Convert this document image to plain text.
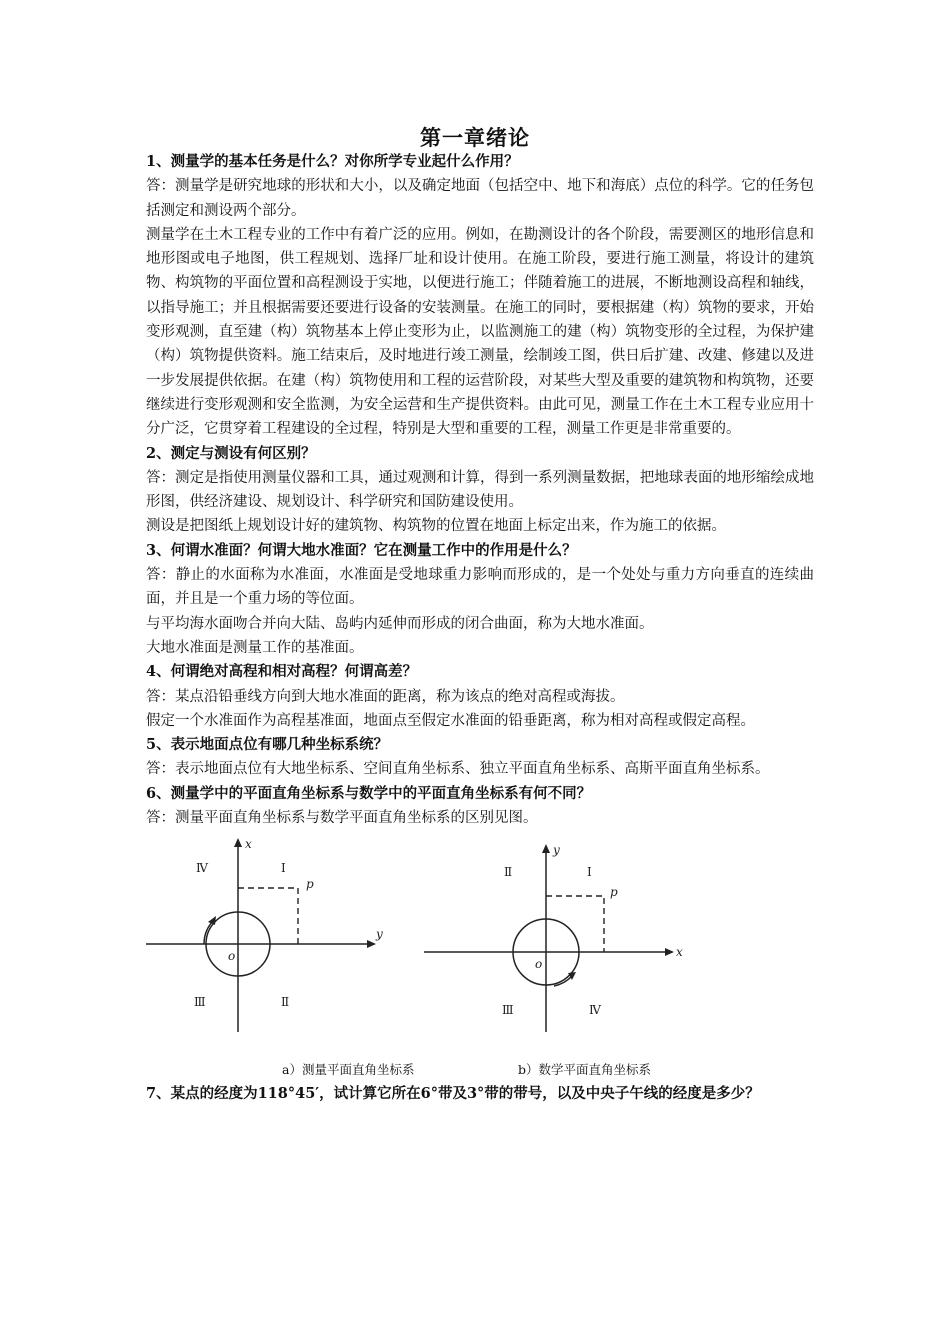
第一章绪论

1、测量学的基本任务是什么？对你所学专业起什么作用？

答：测量学是研究地球的形状和大小，以及确定地面（包括空中、地下和海底）点位的科学。它的任务包括测定和测设两个部分。

测量学在土木工程专业的工作中有着广泛的应用。例如，在勘测设计的各个阶段，需要测区的地形信息和地形图或电子地图，供工程规划、选择厂址和设计使用。在施工阶段，要进行施工测量，将设计的建筑物、构筑物的平面位置和高程测设于实地，以便进行施工；伴随着施工的进展，不断地测设高程和轴线，以指导施工；并且根据需要还要进行设备的安装测量。在施工的同时，要根据建（构）筑物的要求，开始变形观测，直至建（构）筑物基本上停止变形为止，以监测施工的建（构）筑物变形的全过程，为保护建（构）筑物提供资料。施工结束后，及时地进行竣工测量，绘制竣工图，供日后扩建、改建、修建以及进一步发展提供依据。在建（构）筑物使用和工程的运营阶段，对某些大型及重要的建筑物和构筑物，还要继续进行变形观测和安全监测，为安全运营和生产提供资料。由此可见，测量工作在土木工程专业应用十分广泛，它贯穿着工程建设的全过程，特别是大型和重要的工程，测量工作更是非常重要的。

2、测定与测设有何区别？

答：测定是指使用测量仪器和工具，通过观测和计算，得到一系列测量数据，把地球表面的地形缩绘成地形图，供经济建设、规划设计、科学研究和国防建设使用。

测设是把图纸上规划设计好的建筑物、构筑物的位置在地面上标定出来，作为施工的依据。

3、何谓水准面？何谓大地水准面？它在测量工作中的作用是什么？

答：静止的水面称为水准面，水准面是受地球重力影响而形成的，是一个处处与重力方向垂直的连续曲面，并且是一个重力场的等位面。

与平均海水面吻合并向大陆、岛屿内延伸而形成的闭合曲面，称为大地水准面。

大地水准面是测量工作的基准面。

4、何谓绝对高程和相对高程？何谓高差？

答：某点沿铅垂线方向到大地水准面的距离，称为该点的绝对高程或海拔。

假定一个水准面作为高程基准面，地面点至假定水准面的铅垂距离，称为相对高程或假定高程。

5、表示地面点位有哪几种坐标系统？

答：表示地面点位有大地坐标系、空间直角坐标系、独立平面直角坐标系、高斯平面直角坐标系。

6、测量学中的平面直角坐标系与数学中的平面直角坐标系有何不同？

答：测量平面直角坐标系与数学平面直角坐标系的区别见图。

x
y
o
p
Ⅰ
Ⅱ
Ⅲ
Ⅳ
y
x
o
p
Ⅰ
Ⅱ
Ⅲ	Ⅳ
a）测量平面直角坐标系	b）数学平面直角坐标系

7、某点的经度为118°45′，试计算它所在6°带及3°带的带号，以及中央子午线的经度是多少？
